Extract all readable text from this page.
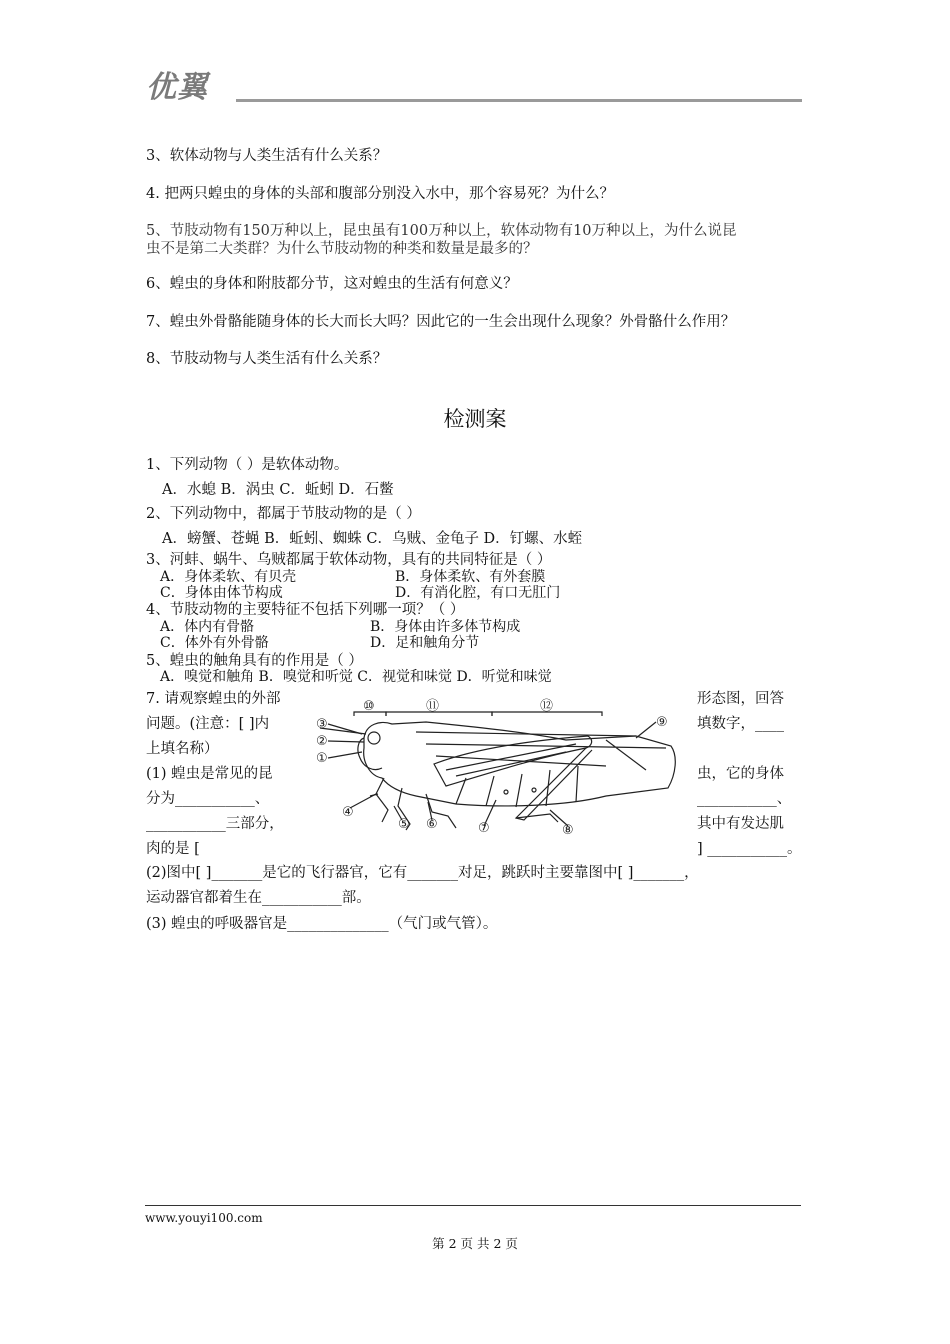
优翼
3、软体动物与人类生活有什么关系？
4. 把两只蝗虫的身体的头部和腹部分别没入水中，那个容易死？为什么？
5、节肢动物有150万种以上，昆虫虽有100万种以上，软体动物有10万种以上，为什么说昆
虫不是第二大类群？为什么节肢动物的种类和数量是最多的？
6、蝗虫的身体和附肢都分节，这对蝗虫的生活有何意义？
7、蝗虫外骨骼能随身体的长大而长大吗？因此它的一生会出现什么现象？外骨骼什么作用？
8、节肢动物与人类生活有什么关系？
检测案
1、下列动物（ ）是软体动物。
A．水螅 B．涡虫 C．蚯蚓 D．石鳖
2、下列动物中，都属于节肢动物的是（ ）
A．螃蟹、苍蝇 B．蚯蚓、蜘蛛 C．乌贼、金龟子 D．钉螺、水蛭
3、河蚌、蜗牛、乌贼都属于软体动物，具有的共同特征是（ ）
A．身体柔软、有贝壳	B．身体柔软、有外套膜
C．身体由体节构成	D．有消化腔，有口无肛门
4、节肢动物的主要特征不包括下列哪一项？（ ）
A．体内有骨骼	B．身体由许多体节构成
C．体外有外骨骼	D．足和触角分节
5、蝗虫的触角具有的作用是（ ）
A．嗅觉和触角 B．嗅觉和听觉 C．视觉和味觉 D．听觉和味觉
7. 请观察蝗虫的外部	形态图，回答
问题。(注意：[ ]内	填数字，____
上填名称）
(1) 蝗虫是常见的昆	虫，它的身体
分为___________、	___________、
___________三部分，	其中有发达肌
肉的是 [	] ___________。
(2)图中[ ]_______是它的飞行器官，它有_______对足，跳跃时主要靠图中[ ]_______，
运动器官都着生在___________部。
(3) 蝗虫的呼吸器官是______________（气门或气管）。
③
②
①
④
⑤ ⑥	⑦	⑧
⑨
⑩	⑪	⑫
www.youyi100.com
第 2 页 共 2 页
